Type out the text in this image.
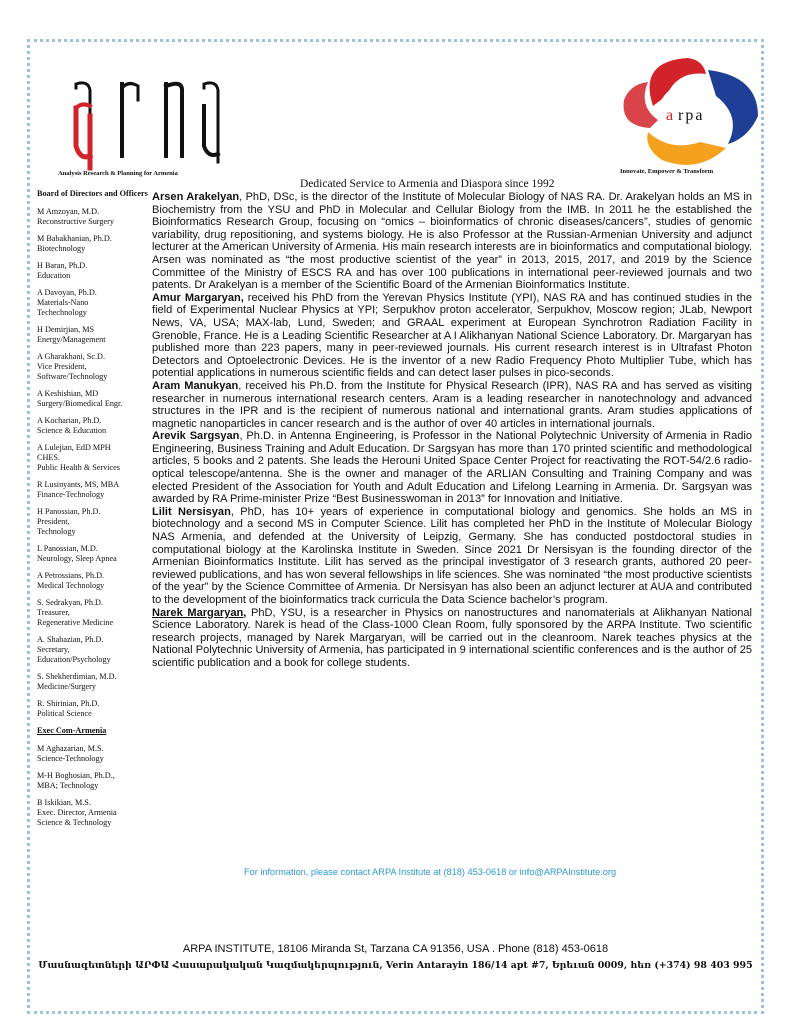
Analysis Research & Planning for Armenia
a rpa
Innovate, Empower & Transform
Dedicated Service to Armenia and Diaspora since 1992
Board of Directors and Officers
M Amzoyan, M.D.
Reconstructive Surgery
M Babakhanian, Ph.D.
Biotechnology
H Baran, Ph.D.
Education
A Davoyan, Ph.D.
Materials-Nano
Techechnology
H Demirjian, MS
Energy/Management
A Gharakhani, Sc.D.
Vice President,
Software/Technology
A Keshishian, MD
Surgery/Biomedical Engr.
A Kocharian, Ph.D.
Science & Education
A Lulejian, EdD MPH
CHES.
Public Health & Services
R Lusinyants, MS, MBA
Finance-Technology
H Panossian, Ph.D.
President,
Technology
L Panossian, M.D.
Neurology, Sleep Apnea
A Petrossians, Ph.D.
Medical Technology
S. Sedrakyan, Ph.D.
Treasurer,
Regenerative Medicine
A. Shabazian, Ph.D.
Secretary,
Education/Psychology
S. Shekherdimian, M.D.
Medicine/Surgery
R. Shirinian, Ph.D.
Political Science
Exec Com-Armenia
M Aghazarian, M.S.
Science-Technology
M-H Boghosian, Ph.D.,
MBA; Technology
B Iskikian, M.S.
Exec. Director, Armenia
Science & Technology

Arsen Arakelyan, PhD, DSc, is the director of the Institute of Molecular Biology of NAS RA. Dr. Arakelyan holds an MS in Biochemistry from the YSU and PhD in Molecular and Cellular Biology from the IMB. In 2011 he the established the Bioinformatics Research Group, focusing on “omics – bioinformatics of chronic diseases/cancers”, studies of genomic variability, drug repositioning, and systems biology. He is also Professor at the Russian-Armenian University and adjunct lecturer at the American University of Armenia. His main research interests are in bioinformatics and computational biology. Arsen was nominated as “the most productive scientist of the year” in 2013, 2015, 2017, and 2019 by the Science Committee of the Ministry of ESCS RA and has over 100 publications in international peer-reviewed journals and two patents. Dr Arakelyan is a member of the Scientific Board of the Armenian Bioinformatics Institute.

Amur Margaryan, received his PhD from the Yerevan Physics Institute (YPI), NAS RA and has continued studies in the field of Experimental Nuclear Physics at YPI; Serpukhov proton accelerator, Serpukhov, Moscow region; JLab, Newport News, VA, USA; MAX-lab, Lund, Sweden; and GRAAL experiment at European Synchrotron Radiation Facility in Grenoble, France. He is a Leading Scientific Researcher at A I Alikhanyan National Science Laboratory. Dr. Margaryan has published more than 223 papers, many in peer-reviewed journals. His current research interest is in Ultrafast Photon Detectors and Optoelectronic Devices. He is the inventor of a new Radio Frequency Photo Multiplier Tube, which has potential applications in numerous scientific fields and can detect laser pulses in pico-seconds.

Aram Manukyan, received his Ph.D. from the Institute for Physical Research (IPR), NAS RA and has served as visiting researcher in numerous international research centers. Aram is a leading researcher in nanotechnology and advanced structures in the IPR and is the recipient of numerous national and international grants. Aram studies applications of magnetic nanoparticles in cancer research and is the author of over 40 articles in international journals.

Arevik Sargsyan, Ph.D. in Antenna Engineering, is Professor in the National Polytechnic University of Armenia in Radio Engineering, Business Training and Adult Education. Dr Sargsyan has more than 170 printed scientific and methodological articles, 5 books and 2 patents. She leads the Herouni United Space Center Project for reactivating the ROT-54/2.6 radio-optical telescope/antenna. She is the owner and manager of the ARLIAN Consulting and Training Company and was elected President of the Association for Youth and Adult Education and Lifelong Learning in Armenia. Dr. Sargsyan was awarded by RA Prime-minister Prize “Best Businesswoman in 2013” for Innovation and Initiative.

Lilit Nersisyan, PhD, has 10+ years of experience in computational biology and genomics. She holds an MS in biotechnology and a second MS in Computer Science. Lilit has completed her PhD in the Institute of Molecular Biology NAS Armenia, and defended at the University of Leipzig, Germany. She has conducted postdoctoral studies in computational biology at the Karolinska Institute in Sweden. Since 2021 Dr Nersisyan is the founding director of the Armenian Bioinformatics Institute. Lilit has served as the principal investigator of 3 research grants, authored 20 peer-reviewed publications, and has won several fellowships in life sciences. She was nominated “the most productive scientists of the year” by the Science Committee of Armenia. Dr Nersisyan has also been an adjunct lecturer at AUA and contributed to the development of the bioinformatics track curricula the Data Science bachelor’s program.

Narek Margaryan, PhD, YSU, is a researcher in Physics on nanostructures and nanomaterials at Alikhanyan National Science Laboratory. Narek is head of the Class-1000 Clean Room, fully sponsored by the ARPA Institute. Two scientific research projects, managed by Narek Margaryan, will be carried out in the cleanroom. Narek teaches physics at the National Polytechnic University of Armenia, has participated in 9 international scientific conferences and is the author of 25 scientific publication and a book for college students.

For information, please contact ARPA Institute at (818) 453-0618 or info@ARPAInstitute.org
ARPA INSTITUTE, 18106 Miranda St, Tarzana CA 91356, USA . Phone (818) 453-0618
Մասնագետների ԱՐՓԱ Հասարակական Կազմակերպություն, Verin Antarayin 186/14 apt #7, Երեւան 0009, հեռ (+374) 98 403 995
